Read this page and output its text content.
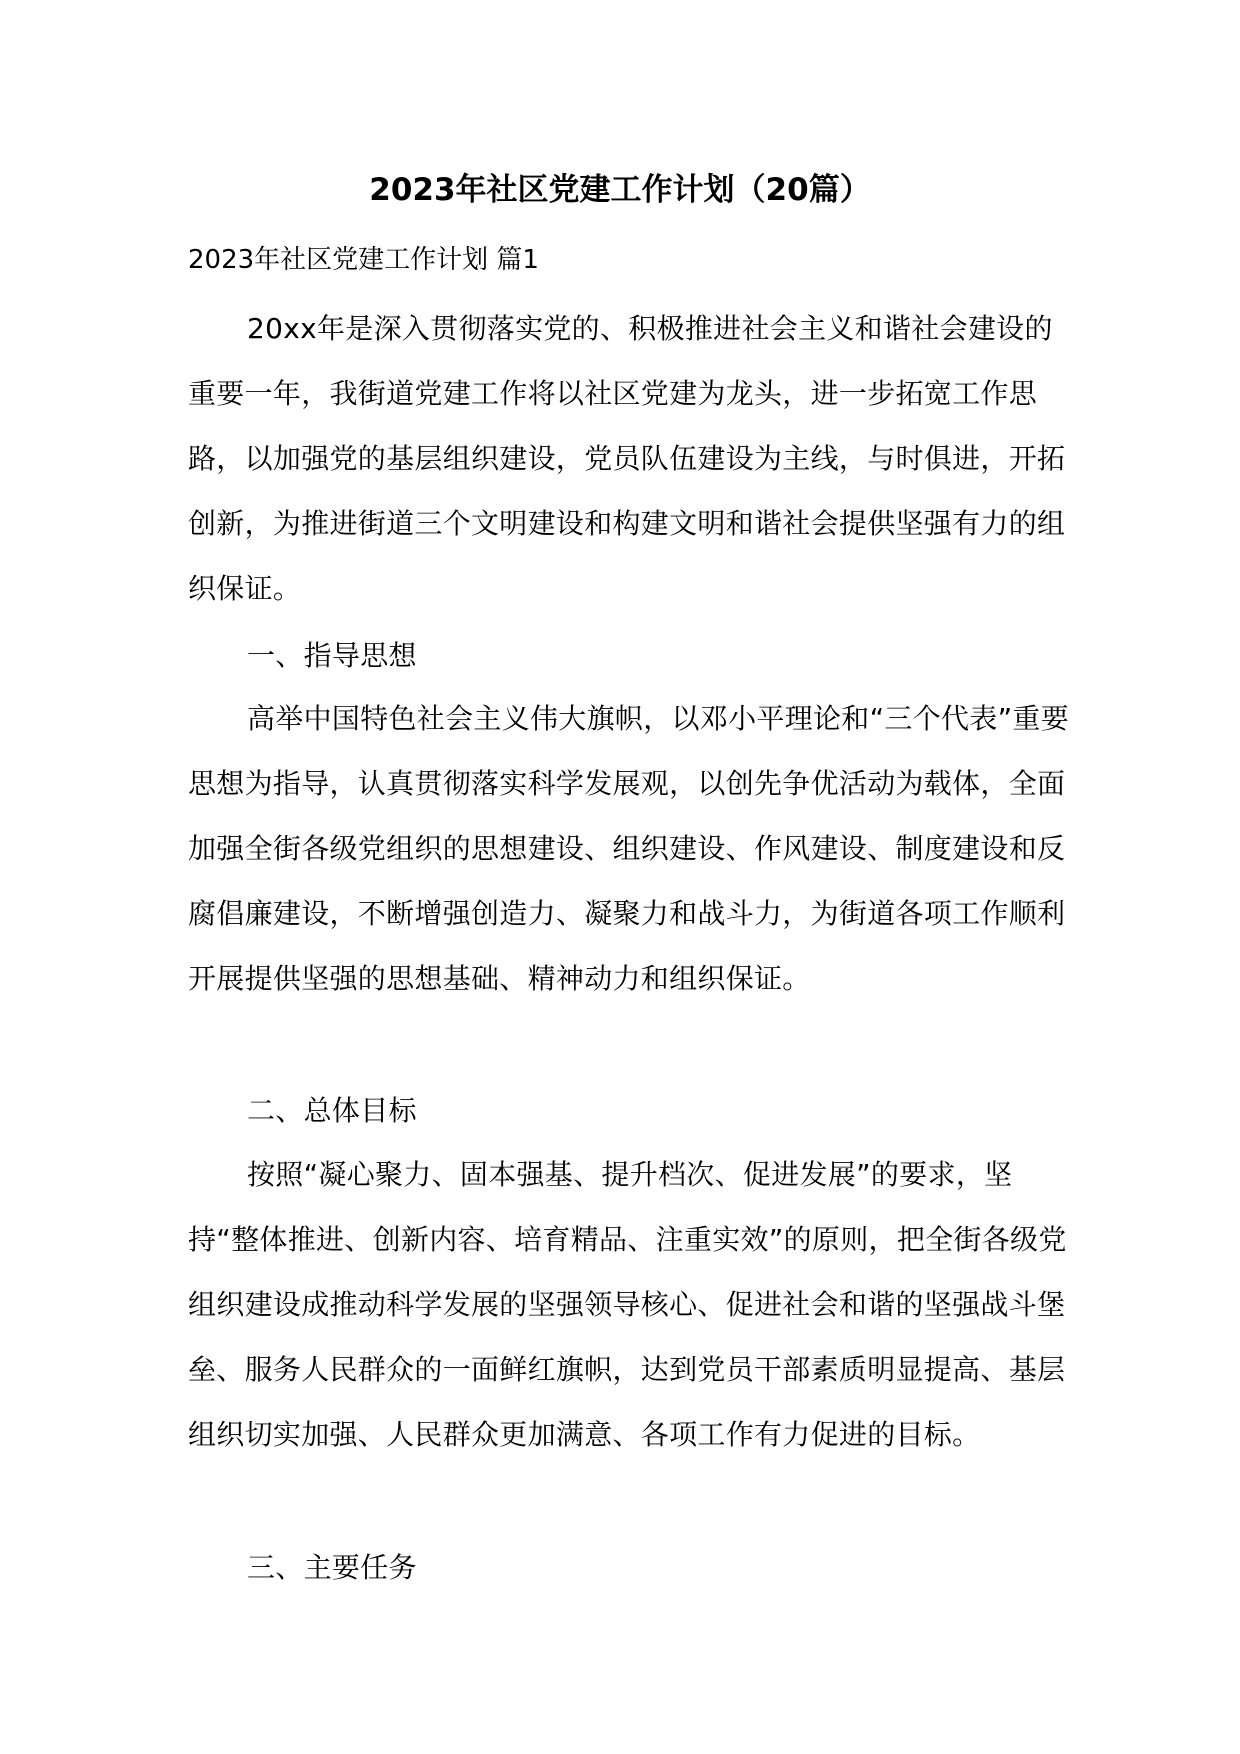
2023年社区党建工作计划（20篇）
2023年社区党建工作计划 篇1
20xx年是深入贯彻落实党的、积极推进社会主义和谐社会建设的重要一年，我街道党建工作将以社区党建为龙头，进一步拓宽工作思路，以加强党的基层组织建设，党员队伍建设为主线，与时俱进，开拓创新，为推进街道三个文明建设和构建文明和谐社会提供坚强有力的组织保证。
一、指导思想
高举中国特色社会主义伟大旗帜，以邓小平理论和“三个代表”重要思想为指导，认真贯彻落实科学发展观，以创先争优活动为载体，全面加强全街各级党组织的思想建设、组织建设、作风建设、制度建设和反腐倡廉建设，不断增强创造力、凝聚力和战斗力，为街道各项工作顺利开展提供坚强的思想基础、精神动力和组织保证。
二、总体目标
按照“凝心聚力、固本强基、提升档次、促进发展”的要求，坚持“整体推进、创新内容、培育精品、注重实效”的原则，把全街各级党组织建设成推动科学发展的坚强领导核心、促进社会和谐的坚强战斗堡垒、服务人民群众的一面鲜红旗帜，达到党员干部素质明显提高、基层组织切实加强、人民群众更加满意、各项工作有力促进的目标。
三、主要任务
